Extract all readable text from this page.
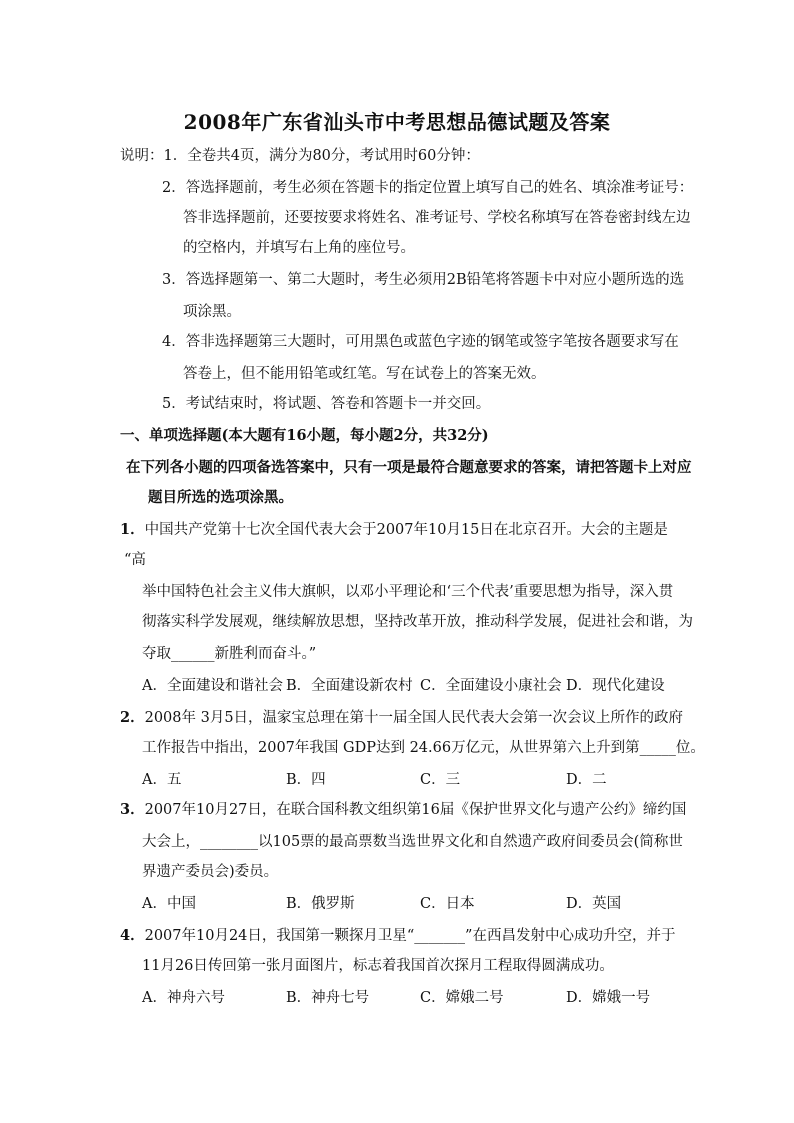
2008年广东省汕头市中考思想品德试题及答案
说明：1．全卷共4页，满分为80分，考试用时60分钟：
2．答选择题前，考生必须在答题卡的指定位置上填写自己的姓名、填涂准考证号：
答非选择题前，还要按要求将姓名、准考证号、学校名称填写在答卷密封线左边
的空格内，并填写右上角的座位号。
3．答选择题第一、第二大题时，考生必须用2B铅笔将答题卡中对应小题所选的选
项涂黑。
4．答非选择题第三大题时，可用黑色或蓝色字迹的钢笔或签字笔按各题要求写在
答卷上，但不能用铅笔或红笔。写在试卷上的答案无效。
5．考试结束时，将试题、答卷和答题卡一并交回。
一、单项选择题(本大题有16小题，每小题2分，共32分)
在下列各小题的四项备选答案中，只有一项是最符合题意要求的答案，请把答题卡上对应
题目所选的选项涂黑。
1．中国共产党第十七次全国代表大会于2007年10月15日在北京召开。大会的主题是
“高
举中国特色社会主义伟大旗帜，以邓小平理论和‘三个代表’重要思想为指导，深入贯
彻落实科学发展观，继续解放思想，坚持改革开放，推动科学发展，促进社会和谐，为
夺取______新胜利而奋斗。”
A．全面建设和谐社会 B．全面建设新农村 C．全面建设小康社会 D．现代化建设
2．2008年 3月5日，温家宝总理在第十一届全国人民代表大会第一次会议上所作的政府
工作报告中指出，2007年我国 GDP达到 24.66万亿元，从世界第六上升到第_____位。
A．五	B．四	C．三	D．二
3．2007年10月27日，在联合国科教文组织第16届《保护世界文化与遗产公约》缔约国
大会上，________以105票的最高票数当选世界文化和自然遗产政府间委员会(简称世
界遗产委员会)委员。
A．中国	B．俄罗斯	C．日本	D．英国
4．2007年10月24日，我国第一颗探月卫星“_______”在西昌发射中心成功升空，并于
11月26日传回第一张月面图片，标志着我国首次探月工程取得圆满成功。
A．神舟六号	B．神舟七号	C．嫦娥二号	D．嫦娥一号
